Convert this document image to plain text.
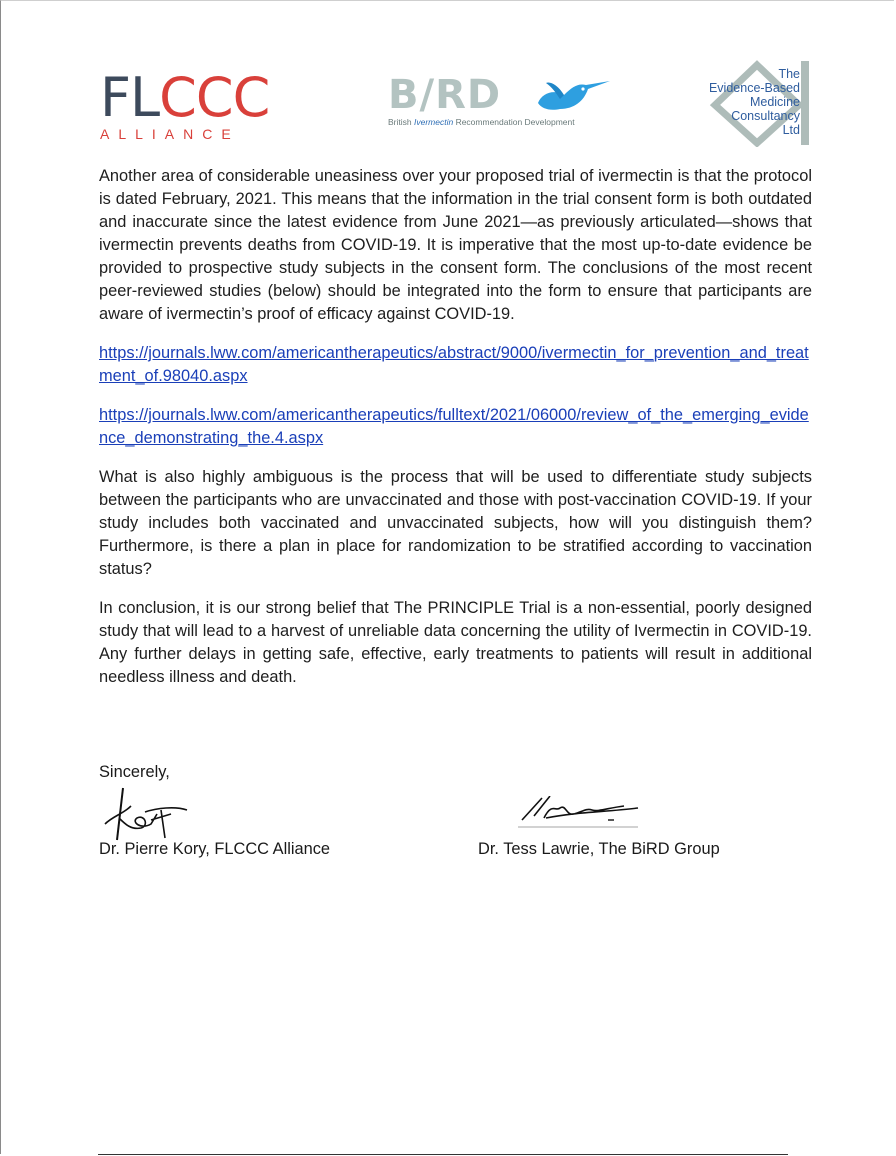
FLCCC
ALLIANCE
B/RD
British Ivermectin Recommendation Development
The
Evidence-Based
Medicine
Consultancy
Ltd

Another area of considerable uneasiness over your proposed trial of ivermectin is that the protocol is dated February, 2021. This means that the information in the trial consent form is both outdated and inaccurate since the latest evidence from June 2021—as previously articulated—shows that ivermectin prevents deaths from COVID-19. It is imperative that the most up-to-date evidence be provided to prospective study subjects in the consent form. The conclusions of the most recent peer-reviewed studies (below) should be integrated into the form to ensure that participants are aware of ivermectin’s proof of efficacy against COVID-19.

https://journals.lww.com/americantherapeutics/abstract/9000/ivermectin_for_prevention_and_treatment_of.98040.aspx
https://journals.lww.com/americantherapeutics/fulltext/2021/06000/review_of_the_emerging_evidence_demonstrating_the.4.aspx

What is also highly ambiguous is the process that will be used to differentiate study subjects between the participants who are unvaccinated and those with post-vaccination COVID-19. If your study includes both vaccinated and unvaccinated subjects, how will you distinguish them? Furthermore, is there a plan in place for randomization to be stratified according to vaccination status?

In conclusion, it is our strong belief that The PRINCIPLE Trial is a non-essential, poorly designed study that will lead to a harvest of unreliable data concerning the utility of Ivermectin in COVID-19. Any further delays in getting safe, effective, early treatments to patients will result in additional needless illness and death.

Sincerely,
Dr. Pierre Kory, FLCCC Alliance	Dr. Tess Lawrie, The BiRD Group
